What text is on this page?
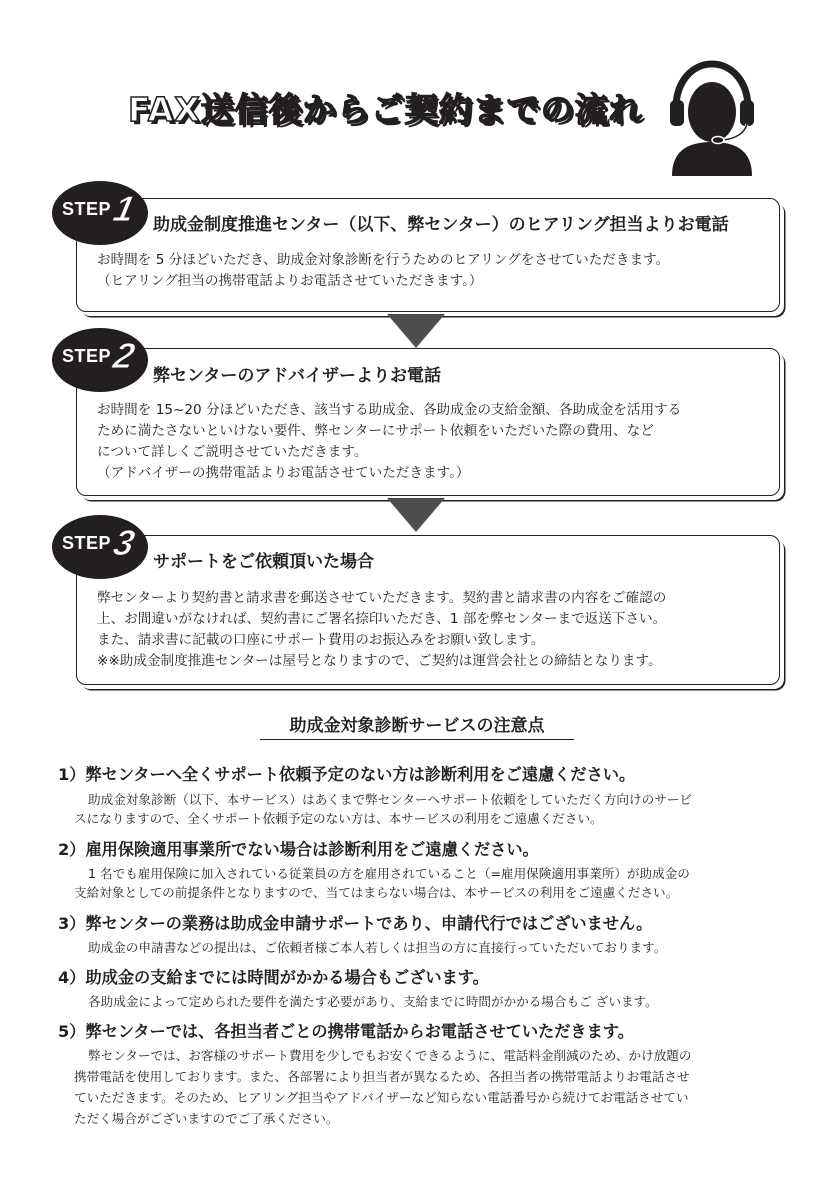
FAX送信後からご契約までの流れ
助成金制度推進センター（以下、弊センター）のヒアリング担当よりお電話
お時間を 5 分ほどいただき、助成金対象診断を行うためのヒアリングをさせていただきます。
（ヒアリング担当の携帯電話よりお電話させていただきます。）
STEP
1
弊センターのアドバイザーよりお電話
お時間を 15~20 分ほどいただき、該当する助成金、各助成金の支給金額、各助成金を活用する
ために満たさないといけない要件、弊センターにサポート依頼をいただいた際の費用、など
について詳しくご説明させていただきます。
（アドバイザーの携帯電話よりお電話させていただきます。）
STEP
2
サポートをご依頼頂いた場合
弊センターより契約書と請求書を郵送させていただきます。契約書と請求書の内容をご確認の
上、お間違いがなければ、契約書にご署名捺印いただき、1 部を弊センターまで返送下さい。
また、請求書に記載の口座にサポート費用のお振込みをお願い致します。
※※助成金制度推進センターは屋号となりますので、ご契約は運営会社との締結となります。
STEP
3
助成金対象診断サービスの注意点
1）弊センターへ全くサポート依頼予定のない方は診断利用をご遠慮ください。
助成金対象診断（以下、本サービス）はあくまで弊センターへサポート依頼をしていただく方向けのサービ
スになりますので、全くサポート依頼予定のない方は、本サービスの利用をご遠慮ください。
2）雇用保険適用事業所でない場合は診断利用をご遠慮ください。
1 名でも雇用保険に加入されている従業員の方を雇用されていること（=雇用保険適用事業所）が助成金の
支給対象としての前提条件となりますので、当てはまらない場合は、本サービスの利用をご遠慮ください。
3）弊センターの業務は助成金申請サポートであり、申請代行ではございません。
助成金の申請書などの提出は、ご依頼者様ご本人若しくは担当の方に直接行っていただいております。
4）助成金の支給までには時間がかかる場合もございます。
各助成金によって定められた要件を満たす必要があり、支給までに時間がかかる場合もご ざいます。
5）弊センターでは、各担当者ごとの携帯電話からお電話させていただきます。
弊センターでは、お客様のサポート費用を少しでもお安くできるように、電話料金削減のため、かけ放題の
携帯電話を使用しております。また、各部署により担当者が異なるため、各担当者の携帯電話よりお電話させ
ていただきます。そのため、ヒアリング担当やアドバイザーなど知らない電話番号から続けてお電話させてい
ただく場合がございますのでご了承ください。
